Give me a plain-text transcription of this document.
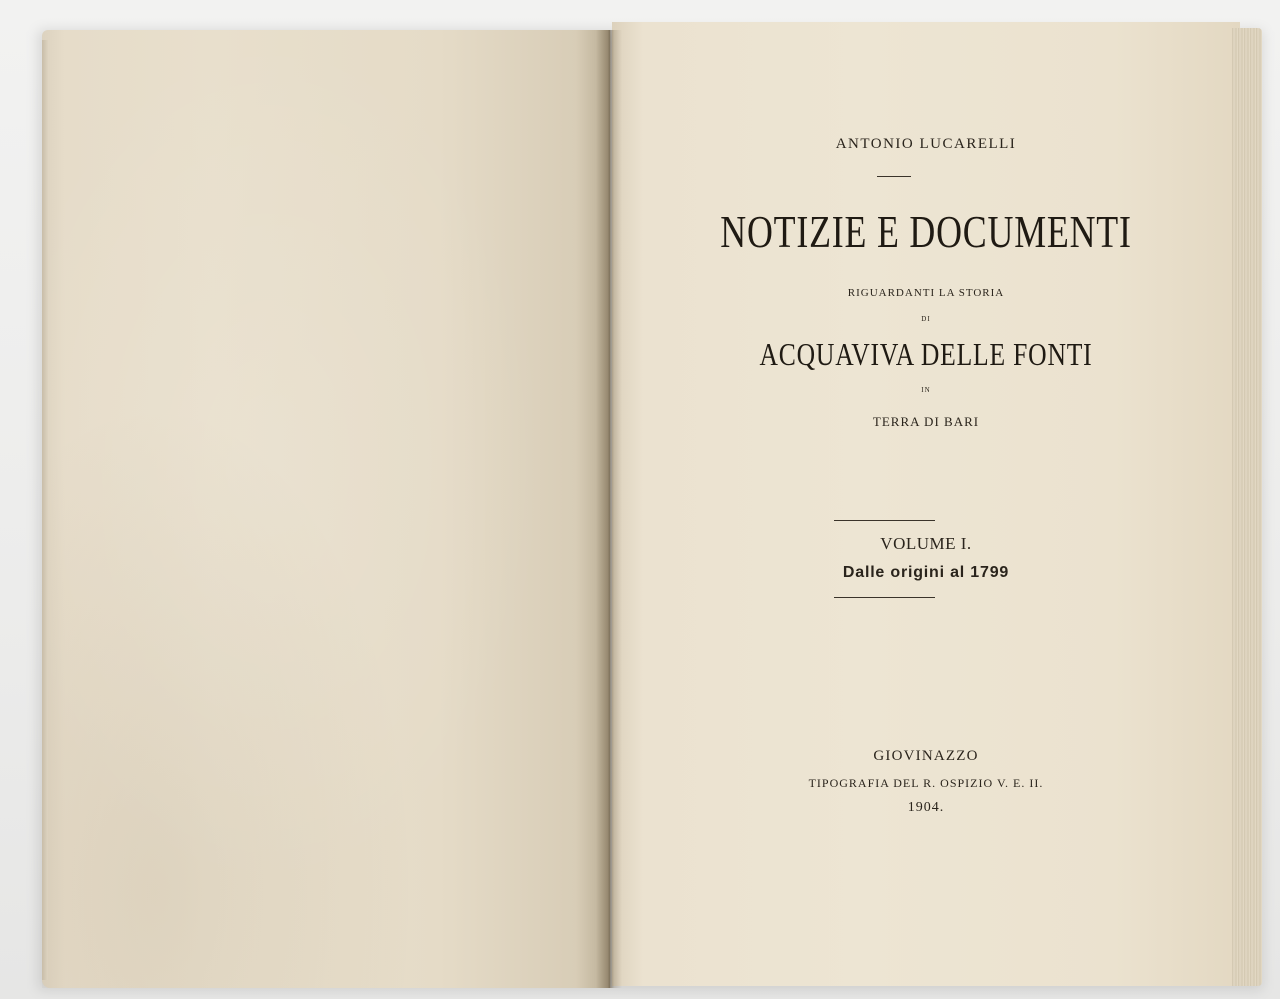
ANTONIO LUCARELLI

NOTIZIE E DOCUMENTI

RIGUARDANTI LA STORIA

DI

ACQUAVIVA DELLE FONTI

IN

TERRA DI BARI

VOLUME I.

Dalle origini al 1799

GIOVINAZZO

TIPOGRAFIA DEL R. OSPIZIO V. E. II.

1904.
